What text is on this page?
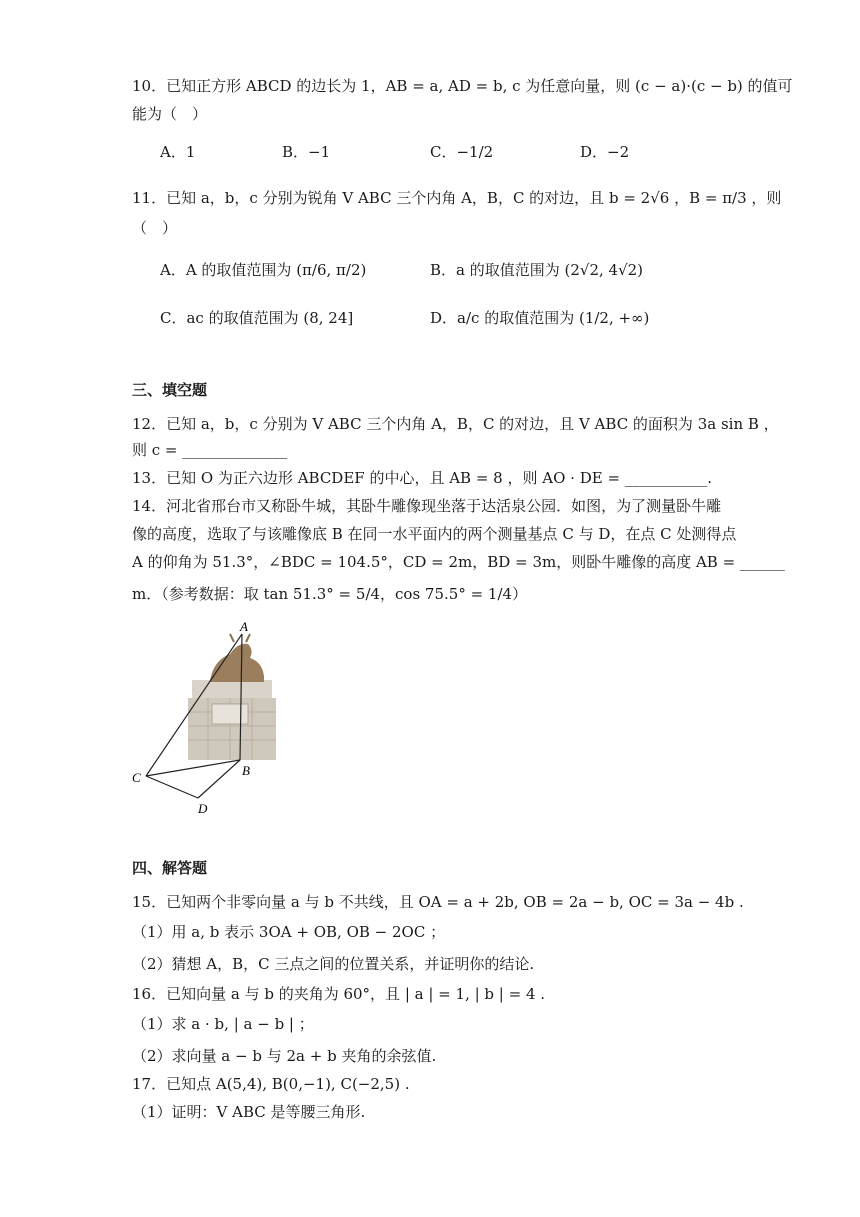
10．已知正方形 ABCD 的边长为 1，AB = a, AD = b, c 为任意向量，则 (c − a)·(c − b) 的值可
能为（　）
A．1	B．−1	C．−1/2	D．−2
11．已知 a，b，c 分别为锐角 V ABC 三个内角 A，B，C 的对边，且 b = 2√6 ，B = π/3 ，则
（　）
A．A 的取值范围为 (π/6, π/2)	B．a 的取值范围为 (2√2, 4√2)
C．ac 的取值范围为 (8, 24]	D．a/c 的取值范围为 (1/2, +∞)
三、填空题
12．已知 a，b，c 分别为 V ABC 三个内角 A，B，C 的对边，且 V ABC 的面积为 3a sin B ，
则 c = ______________
13．已知 O 为正六边形 ABCDEF 的中心，且 AB = 8 ，则 AO · DE = ___________.
14．河北省邢台市又称卧牛城，其卧牛雕像现坐落于达活泉公园．如图，为了测量卧牛雕
像的高度，选取了与该雕像底 B 在同一水平面内的两个测量基点 C 与 D，在点 C 处测得点
A 的仰角为 51.3°，∠BDC = 104.5°，CD = 2m，BD = 3m，则卧牛雕像的高度 AB = ______
m．（参考数据：取 tan 51.3° = 5/4，cos 75.5° = 1/4）
A
B
C
D
四、解答题
15．已知两个非零向量 a 与 b 不共线，且 OA = a + 2b, OB = 2a − b, OC = 3a − 4b .
（1）用 a, b 表示 3OA + OB, OB − 2OC ；
（2）猜想 A，B，C 三点之间的位置关系，并证明你的结论.
16．已知向量 a 与 b 的夹角为 60°，且 | a | = 1, | b | = 4 .
（1）求 a · b, | a − b | ；
（2）求向量 a − b 与 2a + b 夹角的余弦值.
17．已知点 A(5,4), B(0,−1), C(−2,5) .
（1）证明：V ABC 是等腰三角形.
